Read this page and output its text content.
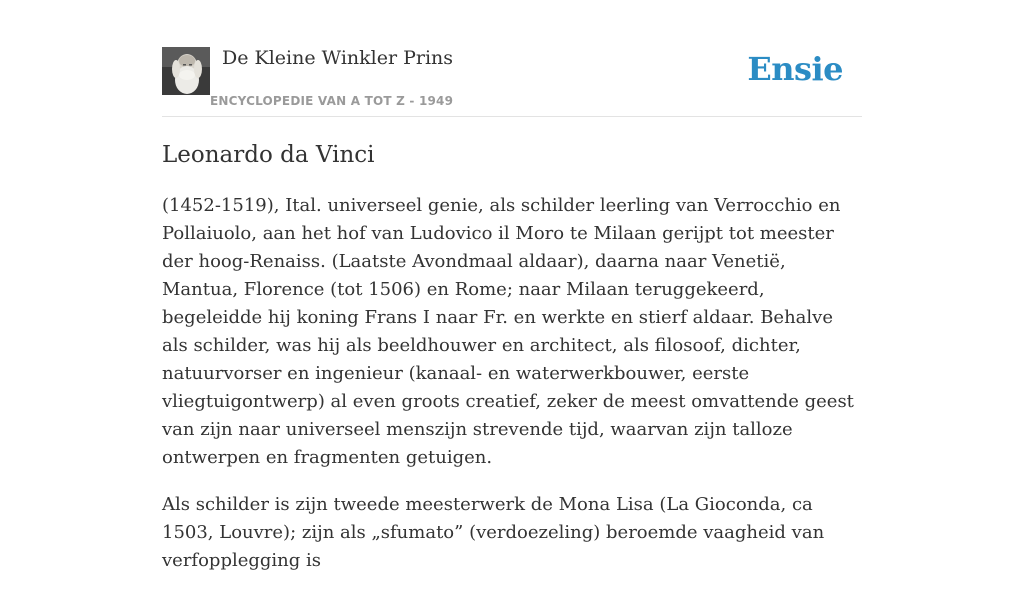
De Kleine Winkler Prins
ENCYCLOPEDIE VAN A TOT Z - 1949
Ensie
Leonardo da Vinci

(1452-1519), Ital. universeel genie, als schilder leerling van Verrocchio en Pollaiuolo, aan het hof van Ludovico il Moro te Milaan gerijpt tot meester der hoog-Renaiss. (Laatste Avondmaal aldaar), daarna naar Venetië, Mantua, Florence (tot 1506) en Rome; naar Milaan teruggekeerd, begeleidde hij koning Frans I naar Fr. en werkte en stierf aldaar. Behalve als schilder, was hij als beeldhouwer en architect, als filosoof, dichter, natuurvorser en ingenieur (kanaal- en waterwerkbouwer, eerste vliegtuigontwerp) al even groots creatief, zeker de meest omvattende geest van zijn naar universeel menszijn strevende tijd, waarvan zijn talloze ontwerpen en fragmenten getuigen.

Als schilder is zijn tweede meesterwerk de Mona Lisa (La Gioconda, ca 1503, Louvre); zijn als „sfumato” (verdoezeling) beroemde vaagheid van verfopplegging is
